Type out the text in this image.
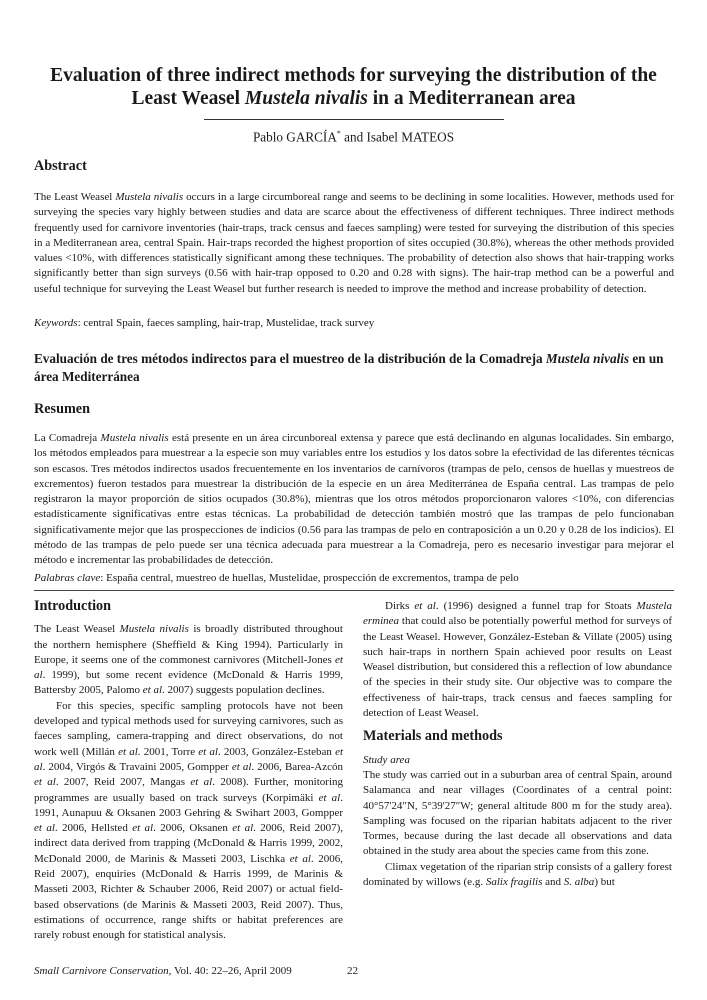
Evaluation of three indirect methods for surveying the distribution of the
Least Weasel Mustela nivalis in a Mediterranean area
Pablo GARCÍA* and Isabel MATEOS
Abstract

The Least Weasel Mustela nivalis occurs in a large circumboreal range and seems to be declining in some localities. However, methods used for surveying the species vary highly between studies and data are scarce about the effectiveness of different techniques. Three indirect methods frequently used for carnivore inventories (hair-traps, track census and faeces sampling) were tested for surveying the distribution of this species in a Mediterranean area, central Spain. Hair-traps recorded the highest proportion of sites occupied (30.8%), whereas the other methods provided values <10%, with differences statistically significant among these techniques. The probability of detection also shows that hair-trapping works significantly better than sign surveys (0.56 with hair-trap opposed to 0.20 and 0.28 with signs). The hair-trap method can be a powerful and useful technique for surveying the Least Weasel but further research is needed to improve the method and increase probability of detection.

Keywords: central Spain, faeces sampling, hair-trap, Mustelidae, track survey

Evaluación de tres métodos indirectos para el muestreo de la distribución de la Comadreja Mustela nivalis en un área Mediterránea
Resumen

La Comadreja Mustela nivalis está presente en un área circunboreal extensa y parece que está declinando en algunas localidades. Sin embargo, los métodos empleados para muestrear a la especie son muy variables entre los estudios y los datos sobre la efectividad de las diferentes técnicas son escasos. Tres métodos indirectos usados frecuentemente en los inventarios de carnívoros (trampas de pelo, censos de huellas y muestreos de excrementos) fueron testados para muestrear la distribución de la especie en un área Mediterránea de España central. Las trampas de pelo registraron la mayor proporción de sitios ocupados (30.8%), mientras que los otros métodos proporcionaron valores <10%, con diferencias estadísticamente significativas entre estas técnicas. La probabilidad de detección también mostró que las trampas de pelo funcionaban significativamente mejor que las prospecciones de indicios (0.56 para las trampas de pelo en contraposición a un 0.20 y 0.28 de los indicios). El método de las trampas de pelo puede ser una técnica adecuada para muestrear a la Comadreja, pero es necesario investigar para mejorar el método e incrementar las probabilidades de detección.

Palabras clave: España central, muestreo de huellas, Mustelidae, prospección de excrementos, trampa de pelo

Introduction

The Least Weasel Mustela nivalis is broadly distributed throughout the northern hemisphere (Sheffield & King 1994). Particularly in Europe, it seems one of the commonest carnivores (Mitchell-Jones et al. 1999), but some recent evidence (McDonald & Harris 1999, Battersby 2005, Palomo et al. 2007) suggests population declines.

For this species, specific sampling protocols have not been developed and typical methods used for surveying carnivores, such as faeces sampling, camera-trapping and direct observations, do not work well (Millán et al. 2001, Torre et al. 2003, González-Esteban et al. 2004, Virgós & Travaini 2005, Gompper et al. 2006, Barea-Azcón et al. 2007, Reid 2007, Mangas et al. 2008). Further, monitoring programmes are usually based on track surveys (Korpimäki et al. 1991, Aunapuu & Oksanen 2003 Gehring & Swihart 2003, Gompper et al. 2006, Hellsted et al. 2006, Oksanen et al. 2006, Reid 2007), indirect data derived from trapping (McDonald & Harris 1999, 2002, McDonald 2000, de Marinis & Masseti 2003, Lischka et al. 2006, Reid 2007), enquiries (McDonald & Harris 1999, de Marinis & Masseti 2003, Richter & Schauber 2006, Reid 2007) or actual field-based observations (de Marinis & Masseti 2003, Reid 2007). Thus, estimations of occurrence, range shifts or habitat preferences are rarely robust enough for statistical analysis.

Dirks et al. (1996) designed a funnel trap for Stoats Mustela erminea that could also be potentially powerful method for surveys of the Least Weasel. However, González-Esteban & Villate (2005) using such hair-traps in northern Spain achieved poor results on Least Weasel distribution, but considered this a reflection of low abundance of the species in their study site. Our objective was to compare the effectiveness of hair-traps, track census and faeces sampling for detection of Least Weasel.

Materials and methods

Study area

The study was carried out in a suburban area of central Spain, around Salamanca and near villages (Coordinates of a central point: 40°57'24″N, 5°39'27″W; general altitude 800 m for the study area). Sampling was focused on the riparian habitats adjacent to the river Tormes, because during the last decade all observations and data obtained in the study area about the species came from this zone.

Climax vegetation of the riparian strip consists of a gallery forest dominated by willows (e.g. Salix fragilis and S. alba) but

Small Carnivore Conservation, Vol. 40: 22–26, April 2009	22
